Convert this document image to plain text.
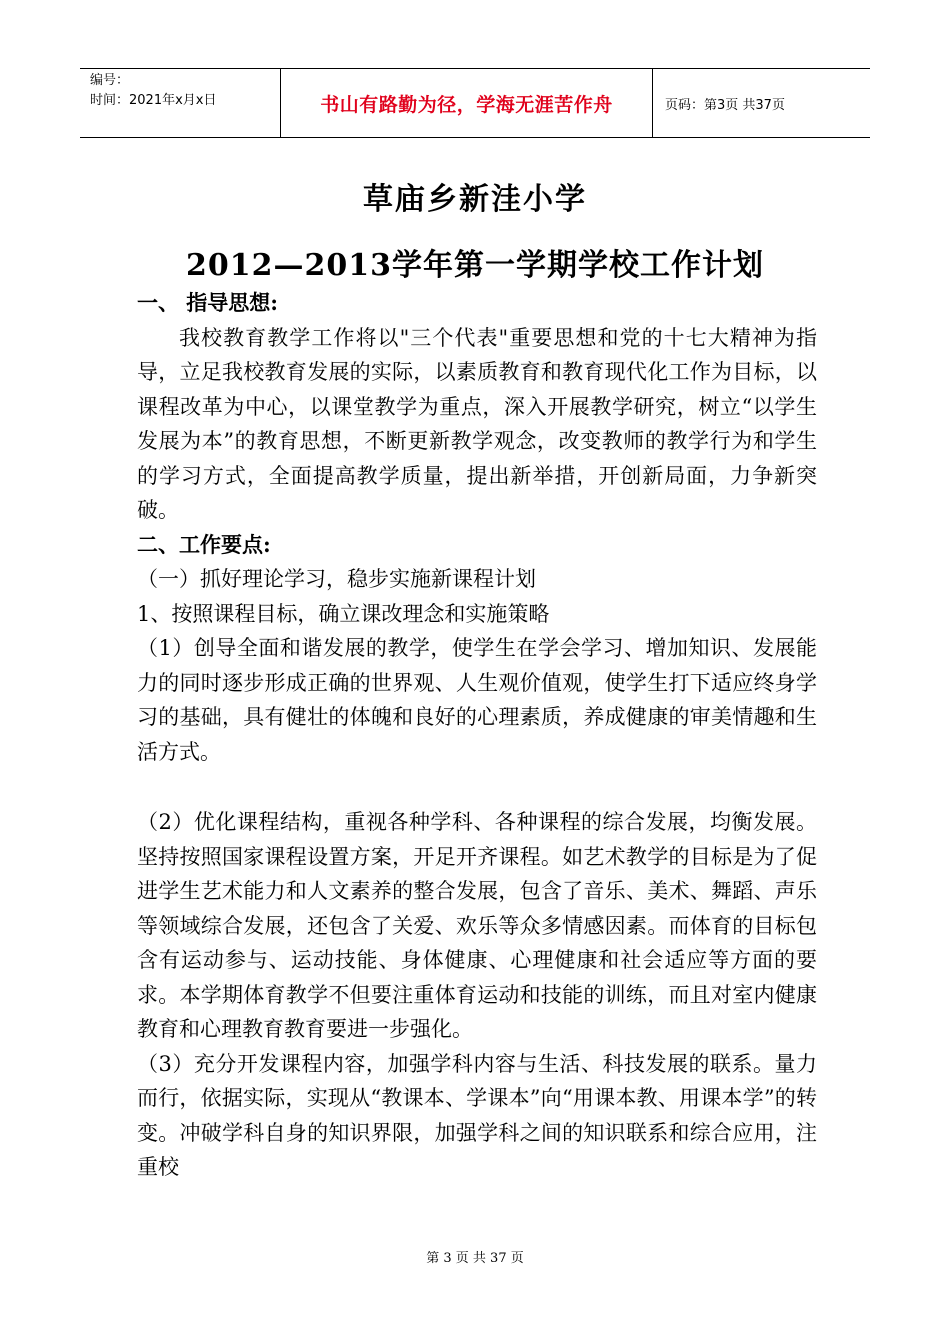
编号：
时间：2021年x月x日	书山有路勤为径，学海无涯苦作舟	页码：第3页 共37页
草庙乡新洼小学
2012—2013学年第一学期学校工作计划

一、 指导思想:

我校教育教学工作将以"三个代表"重要思想和党的十七大精神为指导，立足我校教育发展的实际，以素质教育和教育现代化工作为目标，以课程改革为中心，以课堂教学为重点，深入开展教学研究，树立“以学生发展为本”的教育思想，不断更新教学观念，改变教师的教学行为和学生的学习方式，全面提高教学质量，提出新举措，开创新局面，力争新突破。

二、工作要点:

（一）抓好理论学习，稳步实施新课程计划

1、按照课程目标，确立课改理念和实施策略

（1）创导全面和谐发展的教学，使学生在学会学习、增加知识、发展能力的同时逐步形成正确的世界观、人生观价值观，使学生打下适应终身学习的基础，具有健壮的体魄和良好的心理素质，养成健康的审美情趣和生活方式。

（2）优化课程结构，重视各种学科、各种课程的综合发展，均衡发展。坚持按照国家课程设置方案，开足开齐课程。如艺术教学的目标是为了促进学生艺术能力和人文素养的整合发展，包含了音乐、美术、舞蹈、声乐等领域综合发展，还包含了关爱、欢乐等众多情感因素。而体育的目标包含有运动参与、运动技能、身体健康、心理健康和社会适应等方面的要求。本学期体育教学不但要注重体育运动和技能的训练，而且对室内健康教育和心理教育教育要进一步强化。

（3）充分开发课程内容，加强学科内容与生活、科技发展的联系。量力而行，依据实际，实现从“教课本、学课本”向“用课本教、用课本学”的转变。冲破学科自身的知识界限，加强学科之间的知识联系和综合应用，注重校

第 3 页 共 37 页
